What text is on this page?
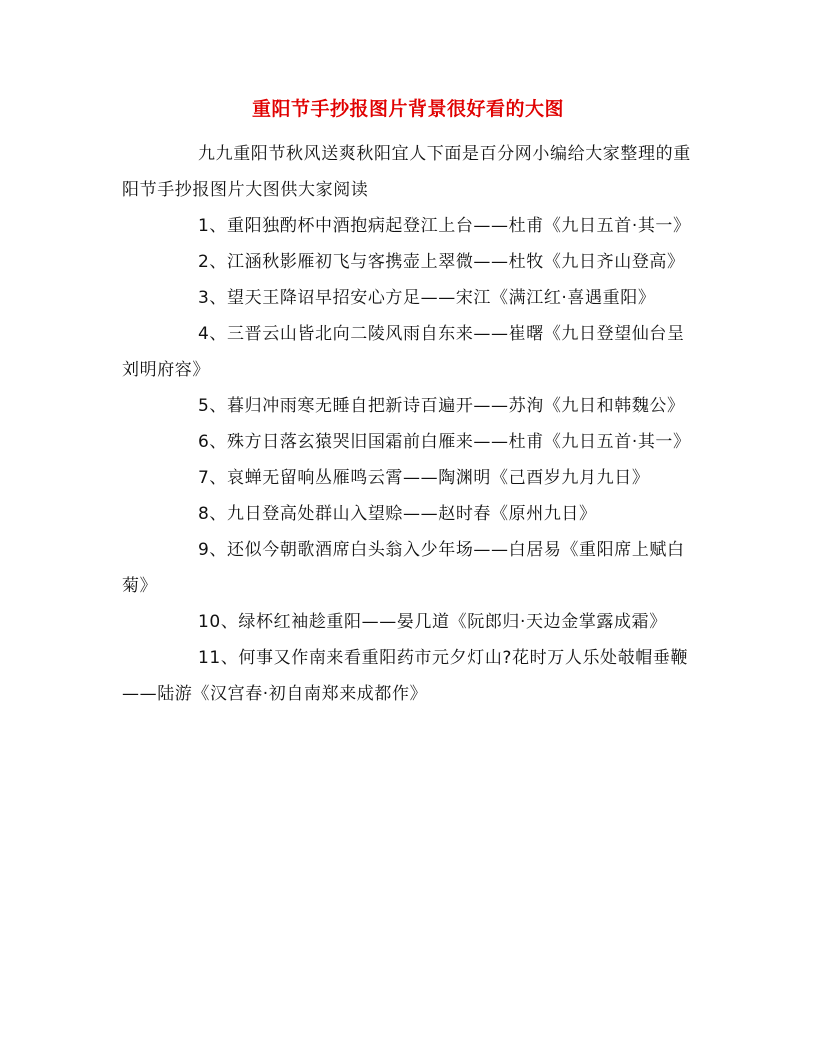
重阳节手抄报图片背景很好看的大图

九九重阳节秋风送爽秋阳宜人下面是百分网小编给大家整理的重阳节手抄报图片大图供大家阅读

1、重阳独酌杯中酒抱病起登江上台——杜甫《九日五首·其一》

2、江涵秋影雁初飞与客携壶上翠微——杜牧《九日齐山登高》

3、望天王降诏早招安心方足——宋江《满江红·喜遇重阳》

4、三晋云山皆北向二陵风雨自东来——崔曙《九日登望仙台呈刘明府容》

5、暮归冲雨寒无睡自把新诗百遍开——苏洵《九日和韩魏公》

6、殊方日落玄猿哭旧国霜前白雁来——杜甫《九日五首·其一》

7、哀蝉无留响丛雁鸣云霄——陶渊明《己酉岁九月九日》

8、九日登高处群山入望赊——赵时春《原州九日》

9、还似今朝歌酒席白头翁入少年场——白居易《重阳席上赋白菊》

10、绿杯红袖趁重阳——晏几道《阮郎归·天边金掌露成霜》

11、何事又作南来看重阳药市元夕灯山?花时万人乐处攲帽垂鞭——陆游《汉宫春·初自南郑来成都作》
